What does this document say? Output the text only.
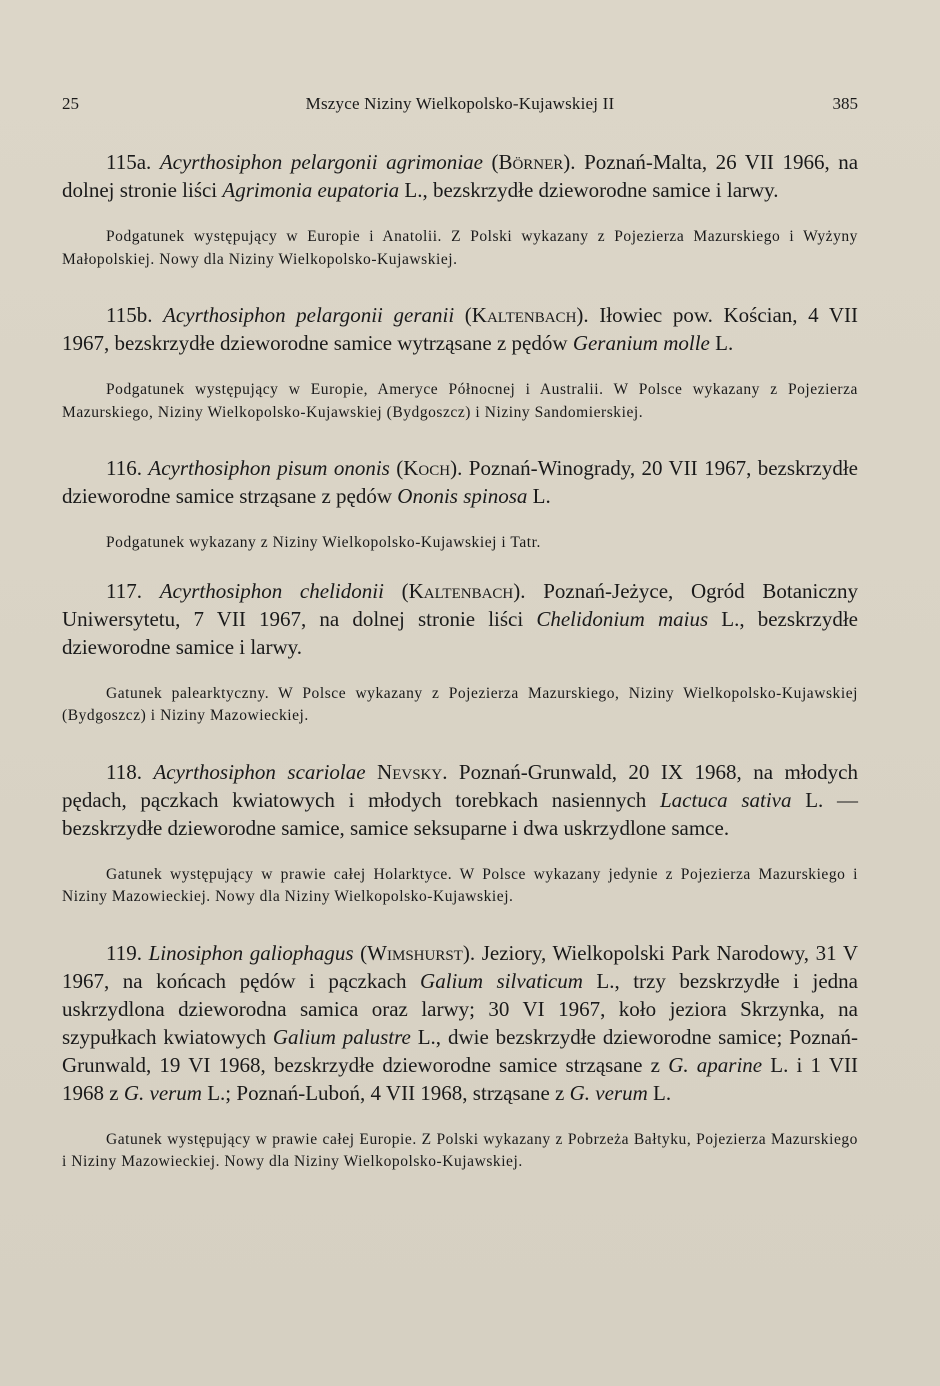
25	Mszyce Niziny Wielkopolsko-Kujawskiej II	385

115a. Acyrthosiphon pelargonii agrimoniae (Börner). Poznań-Malta, 26 VII 1966, na dolnej stronie liści Agrimonia eupatoria L., bezskrzydłe dzieworodne samice i larwy.

Podgatunek występujący w Europie i Anatolii. Z Polski wykazany z Pojezierza Mazurskiego i Wyżyny Małopolskiej. Nowy dla Niziny Wielkopolsko-Kujawskiej.

115b. Acyrthosiphon pelargonii geranii (Kaltenbach). Iłowiec pow. Kościan, 4 VII 1967, bezskrzydłe dzieworodne samice wytrząsane z pędów Geranium molle L.

Podgatunek występujący w Europie, Ameryce Północnej i Australii. W Polsce wykazany z Pojezierza Mazurskiego, Niziny Wielkopolsko-Kujawskiej (Bydgoszcz) i Niziny Sandomierskiej.

116. Acyrthosiphon pisum ononis (Koch). Poznań-Winogrady, 20 VII 1967, bezskrzydłe dzieworodne samice strząsane z pędów Ononis spinosa L.

Podgatunek wykazany z Niziny Wielkopolsko-Kujawskiej i Tatr.

117. Acyrthosiphon chelidonii (Kaltenbach). Poznań-Jeżyce, Ogród Botaniczny Uniwersytetu, 7 VII 1967, na dolnej stronie liści Chelidonium maius L., bezskrzydłe dzieworodne samice i larwy.

Gatunek palearktyczny. W Polsce wykazany z Pojezierza Mazurskiego, Niziny Wielkopolsko-Kujawskiej (Bydgoszcz) i Niziny Mazowieckiej.

118. Acyrthosiphon scariolae Nevsky. Poznań-Grunwald, 20 IX 1968, na młodych pędach, pączkach kwiatowych i młodych torebkach nasiennych Lactuca sativa L. — bezskrzydłe dzieworodne samice, samice seksuparne i dwa uskrzydlone samce.

Gatunek występujący w prawie całej Holarktyce. W Polsce wykazany jedynie z Pojezierza Mazurskiego i Niziny Mazowieckiej. Nowy dla Niziny Wielkopolsko-Kujawskiej.

119. Linosiphon galiophagus (Wimshurst). Jeziory, Wielkopolski Park Narodowy, 31 V 1967, na końcach pędów i pączkach Galium silvaticum L., trzy bezskrzydłe i jedna uskrzydlona dzieworodna samica oraz larwy; 30 VI 1967, koło jeziora Skrzynka, na szypułkach kwiatowych Galium palustre L., dwie bezskrzydłe dzieworodne samice; Poznań-Grunwald, 19 VI 1968, bezskrzydłe dzieworodne samice strząsane z G. aparine L. i 1 VII 1968 z G. verum L.; Poznań-Luboń, 4 VII 1968, strząsane z G. verum L.

Gatunek występujący w prawie całej Europie. Z Polski wykazany z Pobrzeża Bałtyku, Pojezierza Mazurskiego i Niziny Mazowieckiej. Nowy dla Niziny Wielkopolsko-Kujawskiej.
